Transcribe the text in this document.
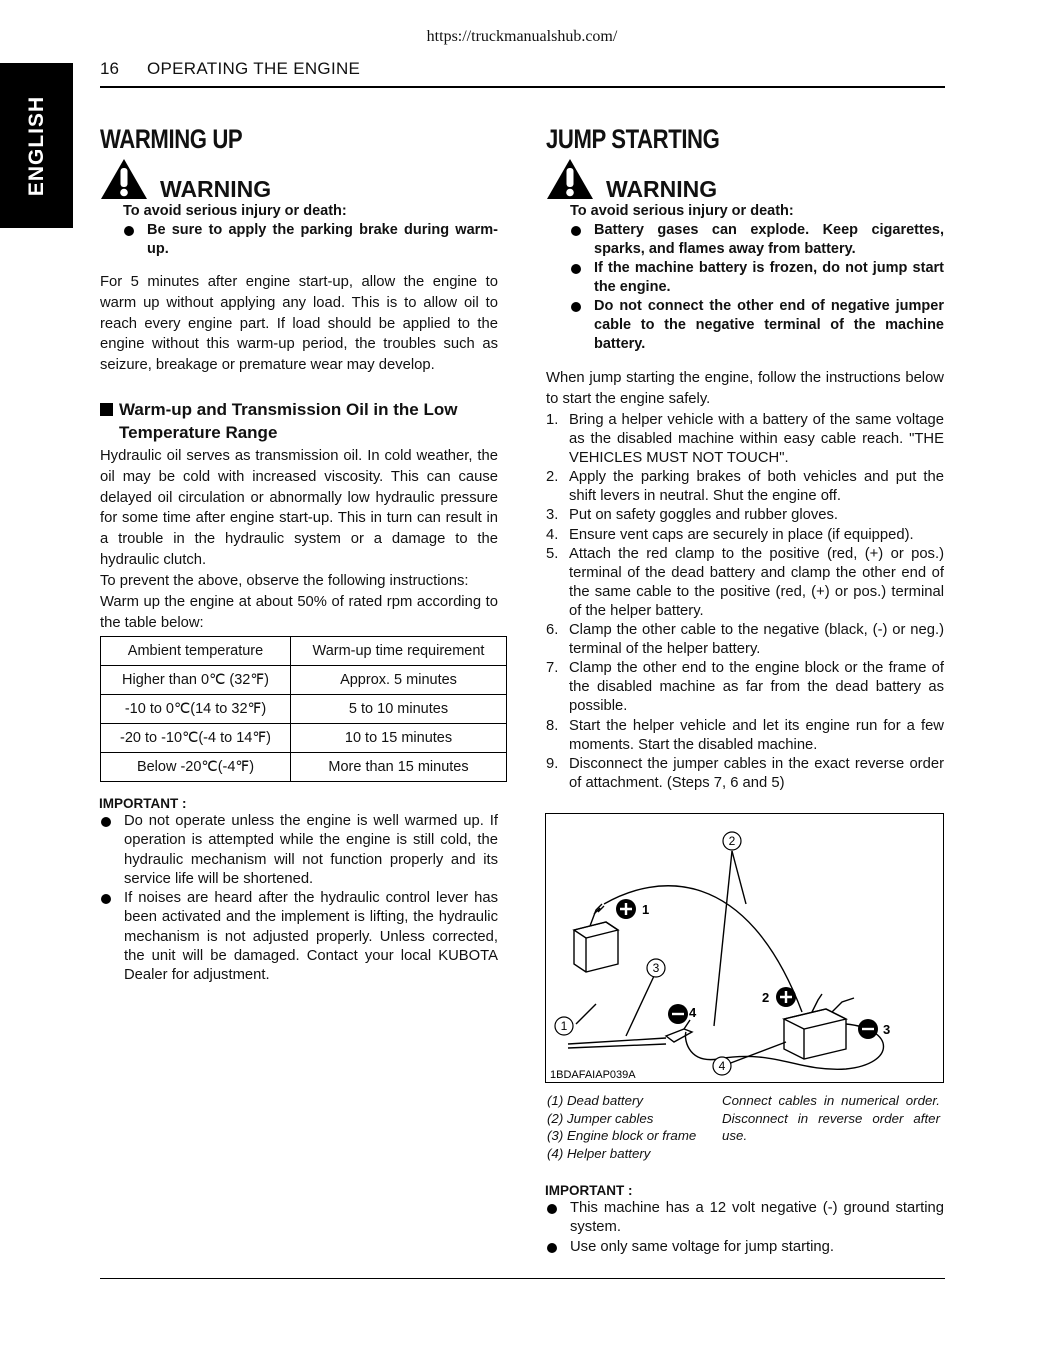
https://truckmanualshub.com/
16 OPERATING THE ENGINE
ENGLISH WARMING UP
WARNING
To avoid serious injury or death:
Be sure to apply the parking brake during warm-up.
For 5 minutes after engine start-up, allow the engine to warm up without applying any load. This is to allow oil to reach every engine part. If load should be applied to the engine without this warm-up period, the troubles such as seizure, breakage or premature wear may develop.
Warm-up and Transmission Oil in the Low Temperature Range
Hydraulic oil serves as transmission oil. In cold weather, the oil may be cold with increased viscosity. This can cause delayed oil circulation or abnormally low hydraulic pressure for some time after engine start-up. This in turn can result in a trouble in the hydraulic system or a damage to the hydraulic clutch.
To prevent the above, observe the following instructions:
Warm up the engine at about 50% of rated rpm according to the table below:
Ambient temperature	Warm-up time requirement
Higher than 0℃ (32℉)	Approx. 5 minutes
-10 to 0℃(14 to 32℉)	5 to 10 minutes
-20 to -10℃(-4 to 14℉)	10 to 15 minutes
Below -20℃(-4℉)	More than 15 minutes
IMPORTANT :
Do not operate unless the engine is well warmed up. If operation is attempted while the engine is still cold, the hydraulic mechanism will not function properly and its service life will be shortened.
If noises are heard after the hydraulic control lever has been activated and the implement is lifting, the hydraulic mechanism is not adjusted properly. Unless corrected, the unit will be damaged. Contact your local KUBOTA Dealer for adjustment.
JUMP STARTING
WARNING
To avoid serious injury or death:
Battery gases can explode. Keep cigarettes, sparks, and flames away from battery.
If the machine battery is frozen, do not jump start the engine.
Do not connect the other end of negative jumper cable to the negative terminal of the machine battery.
When jump starting the engine, follow the instructions below to start the engine safely.
1. Bring a helper vehicle with a battery of the same voltage as the disabled machine within easy cable reach. "THE VEHICLES MUST NOT TOUCH".
2. Apply the parking brakes of both vehicles and put the shift levers in neutral. Shut the engine off.
3. Put on safety goggles and rubber gloves.
4. Ensure vent caps are securely in place (if equipped).
5. Attach the red clamp to the positive (red, (+) or pos.) terminal of the dead battery and clamp the other end of the same cable to the positive (red, (+) or pos.) terminal of the helper battery.
6. Clamp the other cable to the negative (black, (-) or neg.) terminal of the helper battery.
7. Clamp the other end to the engine block or the frame of the disabled machine as far from the dead battery as possible.
8. Start the helper vehicle and let its engine run for a few moments. Start the disabled machine.
9. Disconnect the jumper cables in the exact reverse order of attachment. (Steps 7, 6 and 5)
2
3
1
4
1
2
3
4
1BDAFAIAP039A
(1) Dead battery
(2) Jumper cables
(3) Engine block or frame
(4) Helper battery
Connect cables in numerical order. Disconnect in reverse order after use.
IMPORTANT :
This machine has a 12 volt negative (-) ground starting system.
Use only same voltage for jump starting.
